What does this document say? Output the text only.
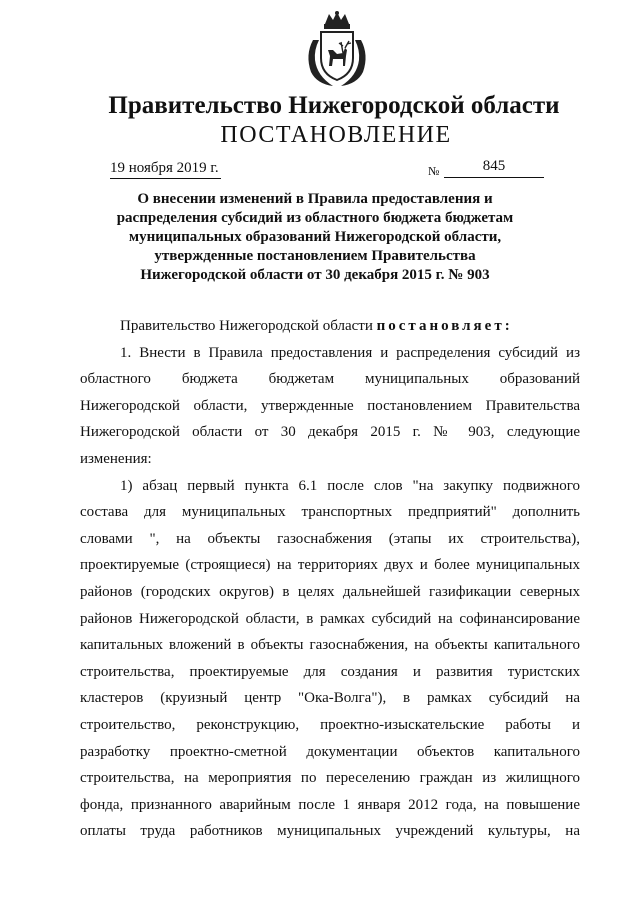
Правительство Нижегородской области
ПОСТАНОВЛЕНИЕ
19 ноября 2019 г.	№	845
О внесении изменений в Правила предоставления и
распределения субсидий из областного бюджета бюджетам
муниципальных образований Нижегородской области,
утвержденные постановлением Правительства
Нижегородской области от 30 декабря 2015 г. № 903
Правительство Нижегородской области постановляет:
1. Внести в Правила предоставления и распределения субсидий из
областного бюджета бюджетам муниципальных образований
Нижегородской области, утвержденные постановлением Правительства
Нижегородской области от 30 декабря 2015 г. № 903, следующие
изменения:
1) абзац первый пункта 6.1 после слов "на закупку подвижного
состава для муниципальных транспортных предприятий" дополнить
словами ", на объекты газоснабжения (этапы их строительства),
проектируемые (строящиеся) на территориях двух и более муниципальных
районов (городских округов) в целях дальнейшей газификации северных
районов Нижегородской области, в рамках субсидий на софинансирование
капитальных вложений в объекты газоснабжения, на объекты капитального
строительства, проектируемые для создания и развития туристских
кластеров (круизный центр "Ока-Волга"), в рамках субсидий на
строительство, реконструкцию, проектно-изыскательские работы и
разработку проектно-сметной документации объектов капитального
строительства, на мероприятия по переселению граждан из жилищного
фонда, признанного аварийным после 1 января 2012 года, на повышение
оплаты труда работников муниципальных учреждений культуры, на
